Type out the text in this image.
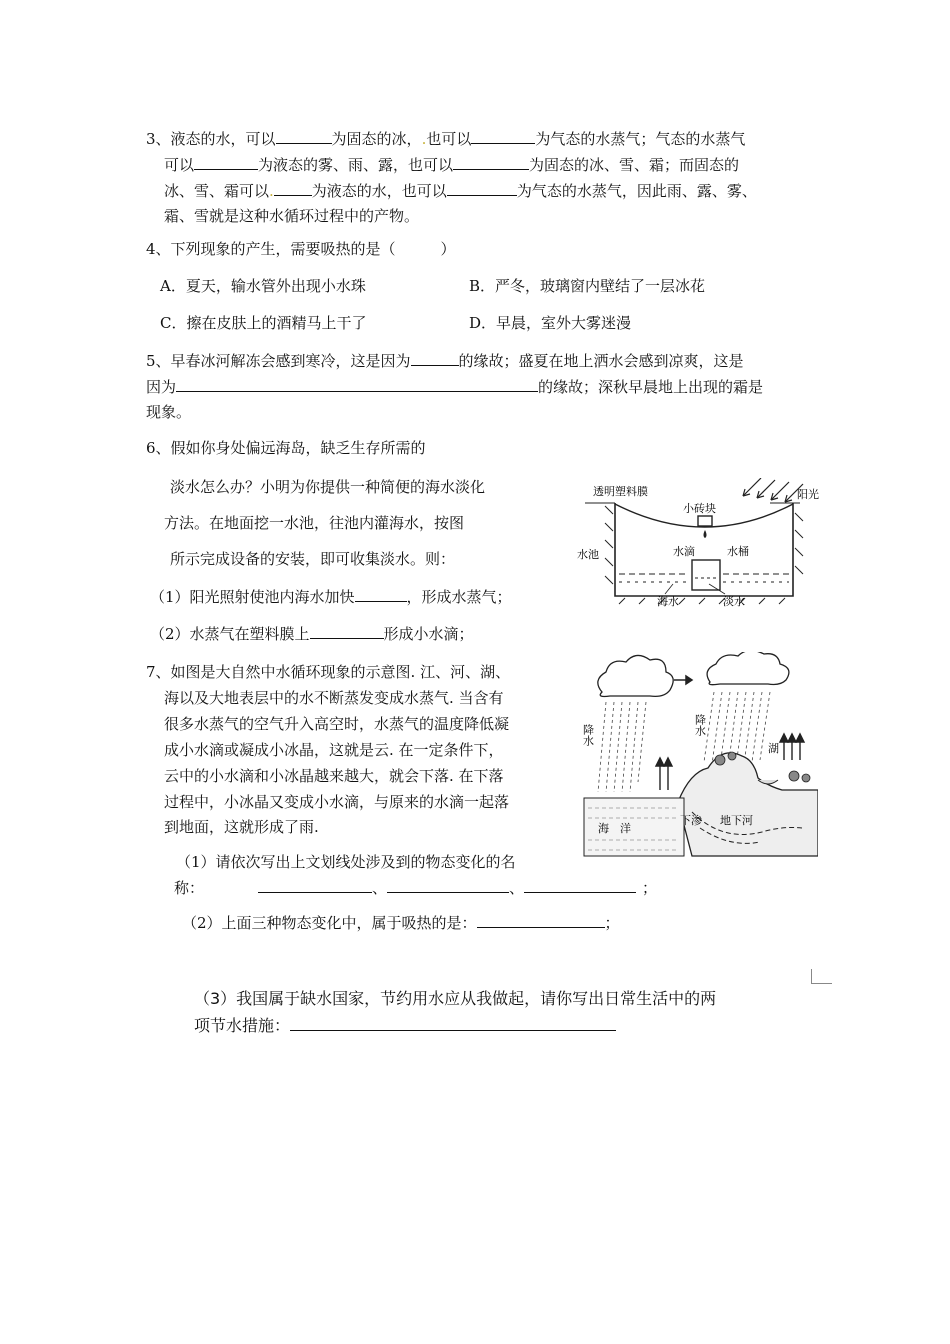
3、液态的水，可以	为固态的冰，.也可以	为气态的水蒸气；气态的水蒸气
可以	为液态的雾、雨、露，也可以	为固态的冰、雪、霜；而固态的
冰、雪、霜可以.	为液态的水，也可以	为气态的水蒸气，因此雨、露、雾、
霜、雪就是这种水循环过程中的产物。
4、下列现象的产生，需要吸热的是（　　　）
A．夏天，输水管外出现小水珠	B．严冬，玻璃窗内壁结了一层冰花
C．擦在皮肤上的酒精马上干了	D．早晨，室外大雾迷漫
5、早春冰河解冻会感到寒冷，这是因为	的缘故；盛夏在地上洒水会感到凉爽，这是
因为	的缘故；深秋早晨地上出现的霜是
现象。
6、假如你身处偏远海岛，缺乏生存所需的
淡水怎么办？小明为你提供一种简便的海水淡化
方法。在地面挖一水池，往池内灌海水，按图
所示完成设备的安装，即可收集淡水。则：
（1）阳光照射使池内海水加快	，形成水蒸气；
（2）水蒸气在塑料膜上	形成小水滴；
透明塑料膜
小砖块
阳光
水池	水滴	水桶
海水	淡水
7、如图是大自然中水循环现象的示意图. 江、河、湖、
海以及大地表层中的水不断蒸发变成水蒸气. 当含有
很多水蒸气的空气升入高空时，水蒸气的温度降低凝
成小水滴或凝成小冰晶，这就是云. 在一定条件下，
云中的小水滴和小冰晶越来越大，就会下落. 在下落
过程中，小冰晶又变成小水滴，与原来的水滴一起落
到地面，这就形成了雨.
（1）请依次写出上文划线处涉及到的物态变化的名
称：	、	、	；
（2）上面三种物态变化中，属于吸热的是：	；
（3）我国属于缺水国家，节约用水应从我做起，请你写出日常生活中的两
项节水措施：
降水	降水
湖
海　洋
下渗 地下河
